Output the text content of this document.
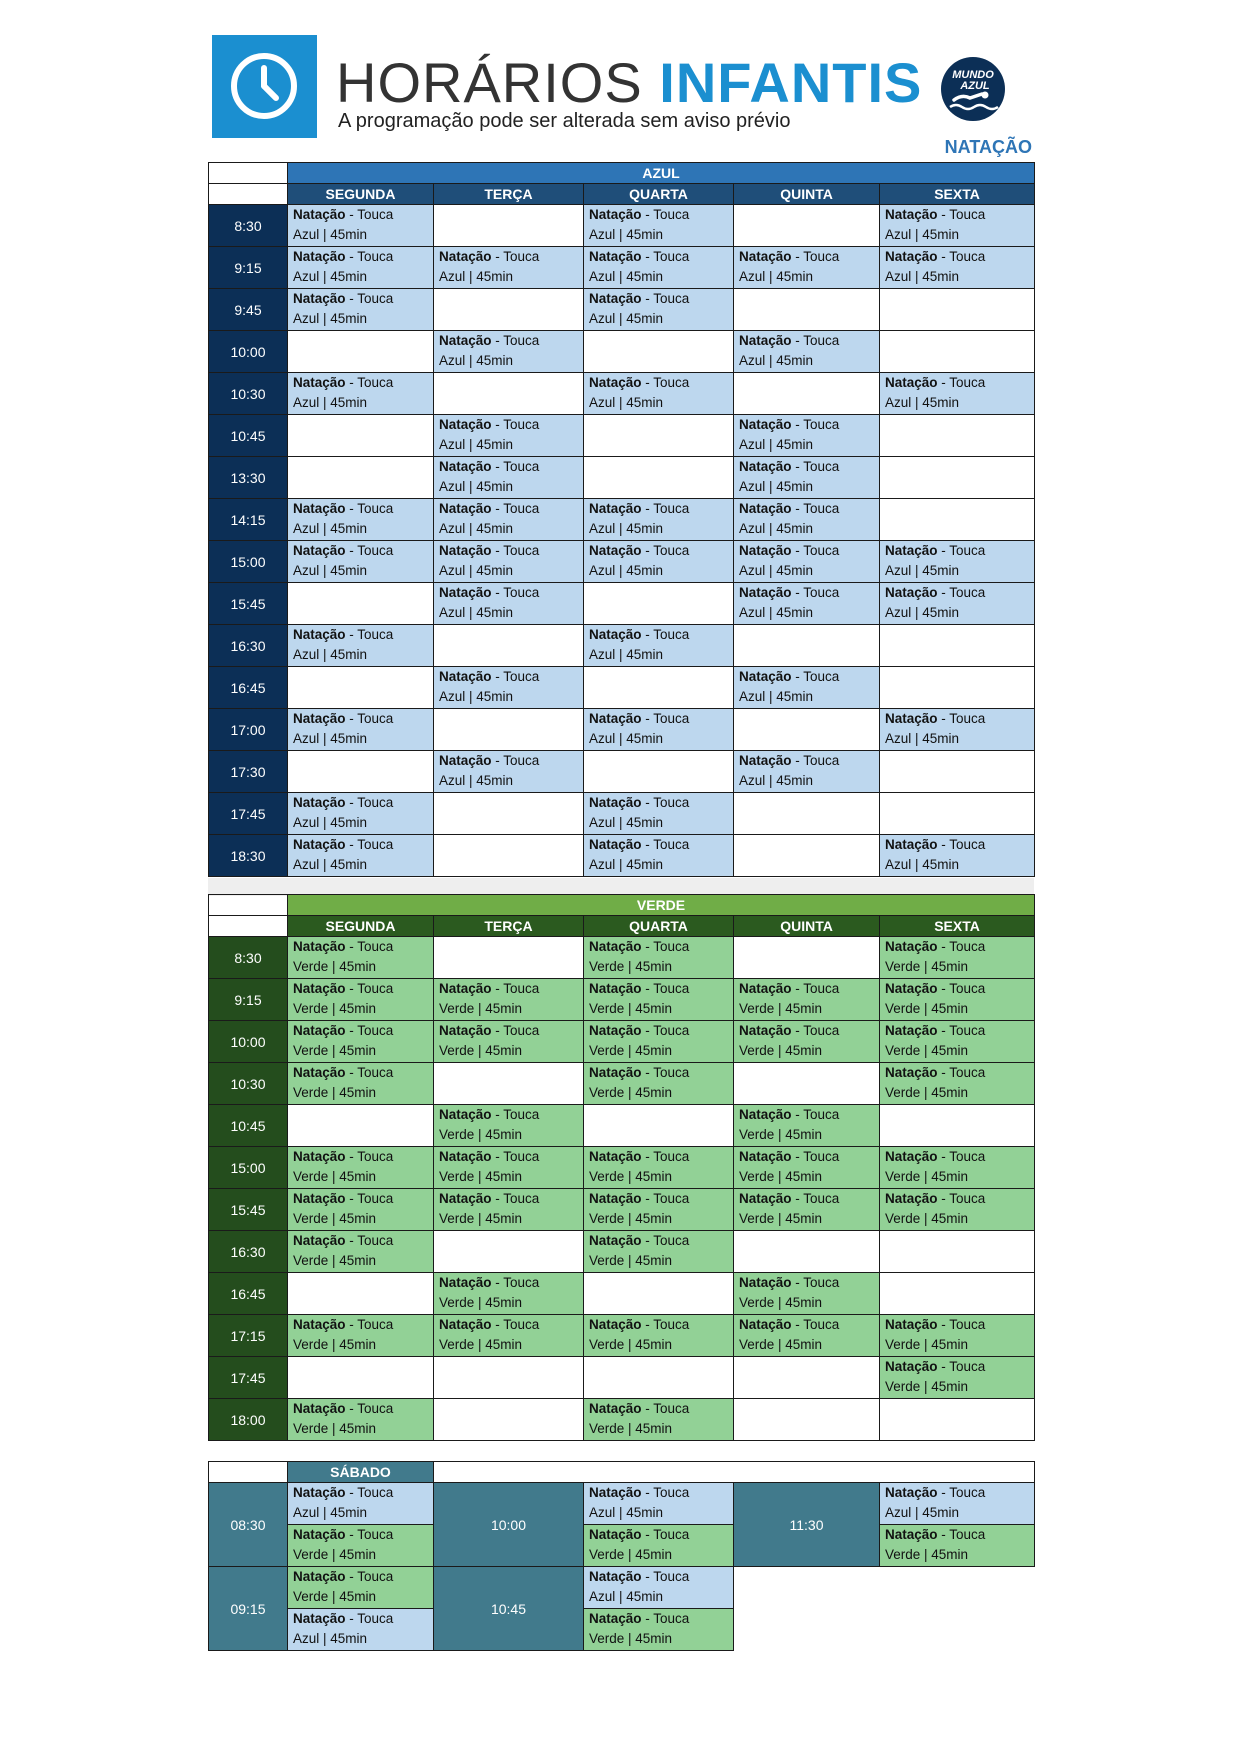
HORÁRIOS INFANTIS
A programação pode ser alterada sem aviso prévio
MUNDO
AZUL
NATAÇÃO
	AZUL				
	SEGUNDA	TERÇA	QUARTA	QUINTA	SEXTA
8:30	Natação - Touca
Azul | 45min		Natação - Touca
Azul | 45min		Natação - Touca
Azul | 45min

9:15	Natação - Touca
Azul | 45min	Natação - Touca
Azul | 45min	Natação - Touca
Azul | 45min	Natação - Touca
Azul | 45min	Natação - Touca
Azul | 45min

9:45	Natação - Touca
Azul | 45min		Natação - Touca
Azul | 45min		

10:00		Natação - Touca
Azul | 45min		Natação - Touca
Azul | 45min	

10:30	Natação - Touca
Azul | 45min		Natação - Touca
Azul | 45min		Natação - Touca
Azul | 45min

10:45		Natação - Touca
Azul | 45min		Natação - Touca
Azul | 45min	

13:30		Natação - Touca
Azul | 45min		Natação - Touca
Azul | 45min	

14:15	Natação - Touca
Azul | 45min	Natação - Touca
Azul | 45min	Natação - Touca
Azul | 45min	Natação - Touca
Azul | 45min	

15:00	Natação - Touca
Azul | 45min	Natação - Touca
Azul | 45min	Natação - Touca
Azul | 45min	Natação - Touca
Azul | 45min	Natação - Touca
Azul | 45min

15:45		Natação - Touca
Azul | 45min		Natação - Touca
Azul | 45min	Natação - Touca
Azul | 45min

16:30	Natação - Touca
Azul | 45min		Natação - Touca
Azul | 45min		

16:45		Natação - Touca
Azul | 45min		Natação - Touca
Azul | 45min	

17:00	Natação - Touca
Azul | 45min		Natação - Touca
Azul | 45min		Natação - Touca
Azul | 45min

17:30		Natação - Touca
Azul | 45min		Natação - Touca
Azul | 45min	

17:45	Natação - Touca
Azul | 45min		Natação - Touca
Azul | 45min		

18:30	Natação - Touca
Azul | 45min		Natação - Touca
Azul | 45min		Natação - Touca
Azul | 45min
	VERDE				
	SEGUNDA	TERÇA	QUARTA	QUINTA	SEXTA
8:30	Natação - Touca
Verde | 45min		Natação - Touca
Verde | 45min		Natação - Touca
Verde | 45min

9:15	Natação - Touca
Verde | 45min	Natação - Touca
Verde | 45min	Natação - Touca
Verde | 45min	Natação - Touca
Verde | 45min	Natação - Touca
Verde | 45min

10:00	Natação - Touca
Verde | 45min	Natação - Touca
Verde | 45min	Natação - Touca
Verde | 45min	Natação - Touca
Verde | 45min	Natação - Touca
Verde | 45min

10:30	Natação - Touca
Verde | 45min		Natação - Touca
Verde | 45min		Natação - Touca
Verde | 45min

10:45		Natação - Touca
Verde | 45min		Natação - Touca
Verde | 45min	

15:00	Natação - Touca
Verde | 45min	Natação - Touca
Verde | 45min	Natação - Touca
Verde | 45min	Natação - Touca
Verde | 45min	Natação - Touca
Verde | 45min

15:45	Natação - Touca
Verde | 45min	Natação - Touca
Verde | 45min	Natação - Touca
Verde | 45min	Natação - Touca
Verde | 45min	Natação - Touca
Verde | 45min

16:30	Natação - Touca
Verde | 45min		Natação - Touca
Verde | 45min		

16:45		Natação - Touca
Verde | 45min		Natação - Touca
Verde | 45min	

17:15	Natação - Touca
Verde | 45min	Natação - Touca
Verde | 45min	Natação - Touca
Verde | 45min	Natação - Touca
Verde | 45min	Natação - Touca
Verde | 45min

17:45					Natação - Touca
Verde | 45min

18:00	Natação - Touca
Verde | 45min		Natação - Touca
Verde | 45min		

	SÁBADO				
08:30	Natação - Touca
Azul | 45min	10:00	Natação - Touca
Azul | 45min	11:30	Natação - Touca
Azul | 45min

	Natação - Touca
Verde | 45min		Natação - Touca
Verde | 45min		Natação - Touca
Verde | 45min

09:15	Natação - Touca
Verde | 45min	10:45	Natação - Touca
Azul | 45min		

	Natação - Touca
Azul | 45min		Natação - Touca
Verde | 45min		
